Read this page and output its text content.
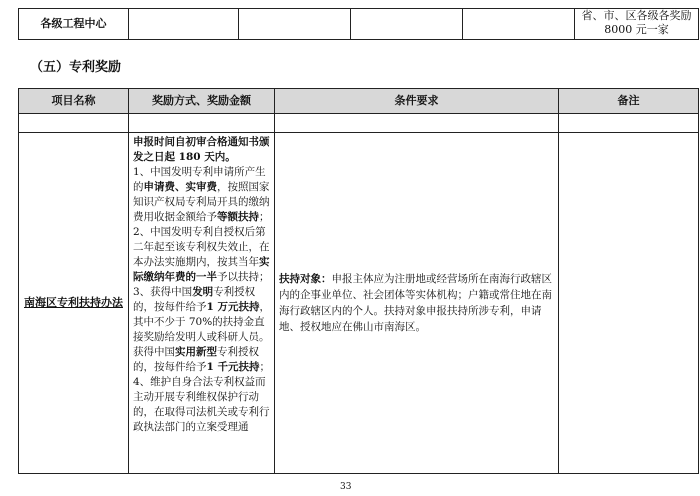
各级工程中心					省、市、区各级各奖励 8000 元一家
（五）专利奖励
项目名称	奖励方式、奖励金额	条件要求	备注

南海区专利扶持办法	申报时间自初审合格通知书颁发之日起 180 天内。
1、中国发明专利申请所产生的申请费、实审费，按照国家知识产权局专利局开具的缴纳费用收据金额给予等额扶持；
2、中国发明专利自授权后第二年起至该专利权失效止，在本办法实施期内，按其当年实际缴纳年费的一半予以扶持；
3、获得中国发明专利授权的，按每件给予1 万元扶持，其中不少于 70%的扶持金直接奖励给发明人或科研人员。获得中国实用新型专利授权的，按每件给予1 千元扶持；
4、维护自身合法专利权益而主动开展专利维权保护行动的，在取得司法机关或专利行政执法部门的立案受理通	扶持对象：申报主体应为注册地或经营场所在南海行政辖区内的企事业单位、社会团体等实体机构；户籍或常住地在南海行政辖区内的个人。扶持对象申报扶持所涉专利，申请地、授权地应在佛山市南海区。	
33
